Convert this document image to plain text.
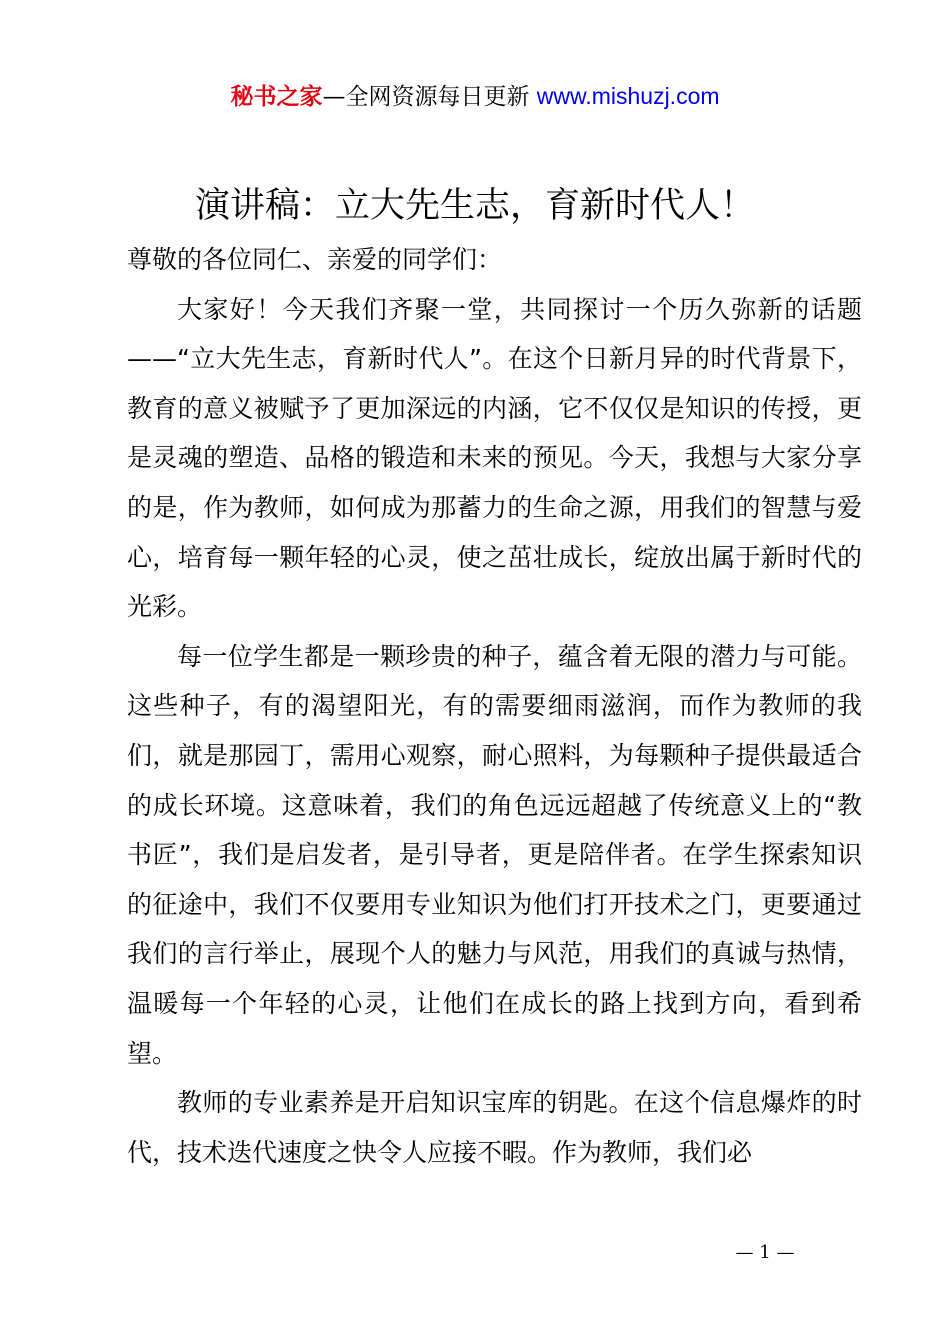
秘书之家—全网资源每日更新 www.mishuzj.com
演讲稿：立大先生志，育新时代人！

尊敬的各位同仁、亲爱的同学们：

大家好！今天我们齐聚一堂，共同探讨一个历久弥新的话题——“立大先生志，育新时代人”。在这个日新月异的时代背景下，教育的意义被赋予了更加深远的内涵，它不仅仅是知识的传授，更是灵魂的塑造、品格的锻造和未来的预见。今天，我想与大家分享的是，作为教师，如何成为那蓄力的生命之源，用我们的智慧与爱心，培育每一颗年轻的心灵，使之茁壮成长，绽放出属于新时代的光彩。

每一位学生都是一颗珍贵的种子，蕴含着无限的潜力与可能。这些种子，有的渴望阳光，有的需要细雨滋润，而作为教师的我们，就是那园丁，需用心观察，耐心照料，为每颗种子提供最适合的成长环境。这意味着，我们的角色远远超越了传统意义上的“教书匠”，我们是启发者，是引导者，更是陪伴者。在学生探索知识的征途中，我们不仅要用专业知识为他们打开技术之门，更要通过我们的言行举止，展现个人的魅力与风范，用我们的真诚与热情，温暖每一个年轻的心灵，让他们在成长的路上找到方向，看到希望。

教师的专业素养是开启知识宝库的钥匙。在这个信息爆炸的时代，技术迭代速度之快令人应接不暇。作为教师，我们必

— 1 —
